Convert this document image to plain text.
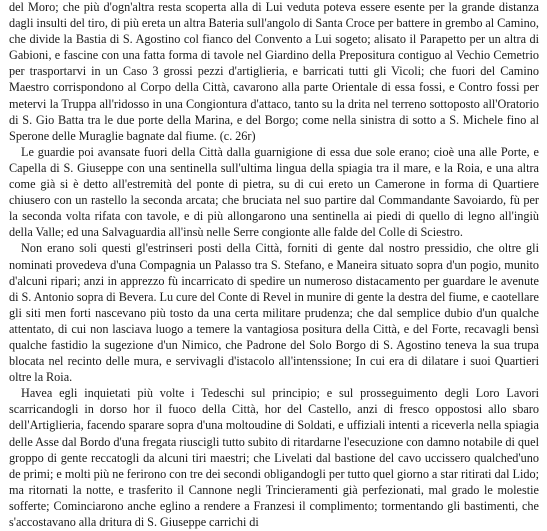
del Moro; che più d'ogn'altra resta scoperta alla di Lui veduta poteva essere esente per la grande distanza dagli insulti del tiro, di più ereta un altra Bateria sull'angolo di Santa Croce per battere in grembo al Camino, che divide la Bastia di S. Agostino col fianco del Convento a Lui sogeto; alisato il Parapetto per un altra di Gabioni, e fascine con una fatta forma di tavole nel Giardino della Prepositura contiguo al Vechio Cemetrio per trasportarvi in un Caso 3 grossi pezzi d'artiglieria, e barricati tutti gli Vicoli; che fuori del Camino Maestro corrispondono al Corpo della Città, cavarono alla parte Orientale di essa fossi, e Contro fossi per metervi la Truppa all'ridosso in una Congiontura d'attaco, tanto su la drita nel terreno sottoposto all'Oratorio di S. Gio Batta tra le due porte della Marina, e del Borgo; come nella sinistra di sotto a S. Michele fino al Sperone delle Muraglie bagnate dal fiume. (c. 26r)

Le guardie poi avansate fuori della Città dalla guarnigione di essa due sole erano; cioè una alle Porte, e Capella di S. Giuseppe con una sentinella sull'ultima lingua della spiagia tra il mare, e la Roia, e una altra come già si è detto all'estremità del ponte di pietra, su di cui ereto un Camerone in forma di Quartiere chiusero con un rastello la seconda arcata; che bruciata nel suo partire dal Commandante Savoiardo, fù per la seconda volta rifata con tavole, e di più allongarono una sentinella ai piedi di quello di legno all'ingiù della Valle; ed una Salvaguardia all'insù nelle Serre congionte alle falde del Colle di Sciestro.

Non erano soli questi gl'estrinseri posti della Città, forniti di gente dal nostro pressidio, che oltre gli nominati provedeva d'una Compagnia un Palasso tra S. Stefano, e Maneira situato sopra d'un pogio, munito d'alcuni ripari; anzi in apprezzo fù incarricato di spedire un numeroso distacamento per guardare le avenute di S. Antonio sopra di Bevera. Lu cure del Conte di Revel in munire di gente la destra del fiume, e caotellare gli siti men forti nascevano più tosto da una certa militare prudenza; che dal semplice dubio d'un qualche attentato, di cui non lasciava luogo a temere la vantagiosa positura della Città, e del Forte, recavagli bensì qualche fastidio la sugezione d'un Nimico, che Padrone del Solo Borgo di S. Agostino teneva la sua trupa blocata nel recinto delle mura, e servivagli d'istacolo all'intenssione; In cui era di dilatare i suoi Quartieri oltre la Roia.

Havea egli inquietati più volte i Tedeschi sul principio; e sul prosseguimento degli Loro Lavori scarricandogli in dorso hor il fuoco della Città, hor del Castello, anzi di fresco oppostosi allo sbaro dell'Artiglieria, facendo sparare sopra d'una moltoudine di Soldati, e uffiziali intenti a riceverla nella spiagia delle Asse dal Bordo d'una fregata riuscigli tutto subito di ritardarne l'esecuzione con damno notabile di quel groppo di gente reccatogli da alcuni tiri maestri; che Livelati dal bastione del cavo uccissero qualched'uno de primi; e molti più ne ferirono con tre dei secondi obligandogli per tutto quel giorno a star ritirati dal Lido; ma ritornati la notte, e trasferito il Cannone negli Trincieramenti già perfezionati, mal grado le molestie sofferte; Cominciarono anche eglino a rendere a Franzesi il complimento; tormentando gli bastimenti, che s'accostavano alla dritura di S. Giuseppe carrichi di
